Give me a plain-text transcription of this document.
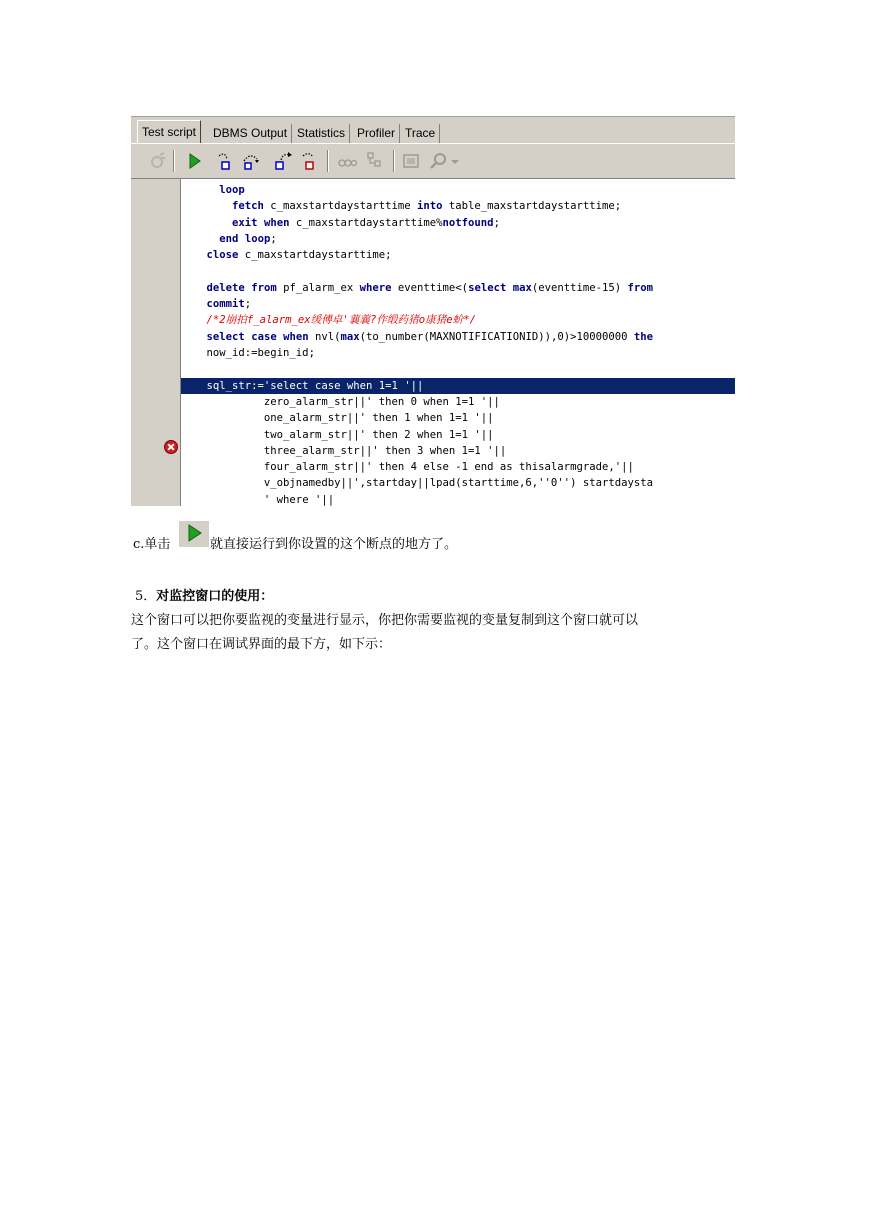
Test script	DBMS Output Statistics Profiler Trace
loop
fetch c_maxstartdaystarttime into table_maxstartdaystarttime;
exit when c_maxstartdaystarttime%notfound;
end loop;
close c_maxstartdaystarttime;
delete from pf_alarm_ex where eventtime<(select max(eventtime-15) from
commit;
/*2崩拍f_alarm_ex缓傅卓'蘘蘘?作缎药猪o康猪e蚧*/
select case when nvl(max(to_number(MAXNOTIFICATIONID)),0)>10000000 the
now_id:=begin_id;
sql_str:='select case when 1=1 '||
zero_alarm_str||' then 0 when 1=1 '||
one_alarm_str||' then 1 when 1=1 '||
two_alarm_str||' then 2 when 1=1 '||
three_alarm_str||' then 3 when 1=1 '||
four_alarm_str||' then 4 else -1 end as thisalarmgrade,'||
v_objnamedby||',startday||lpad(starttime,6,''0'') startdaysta
' where '||
c.单击	就直接运行到你设置的这个断点的地方了。
5．对监控窗口的使用：
这个窗口可以把你要监视的变量进行显示，你把你需要监视的变量复制到这个窗口就可以
了。这个窗口在调试界面的最下方，如下示：
